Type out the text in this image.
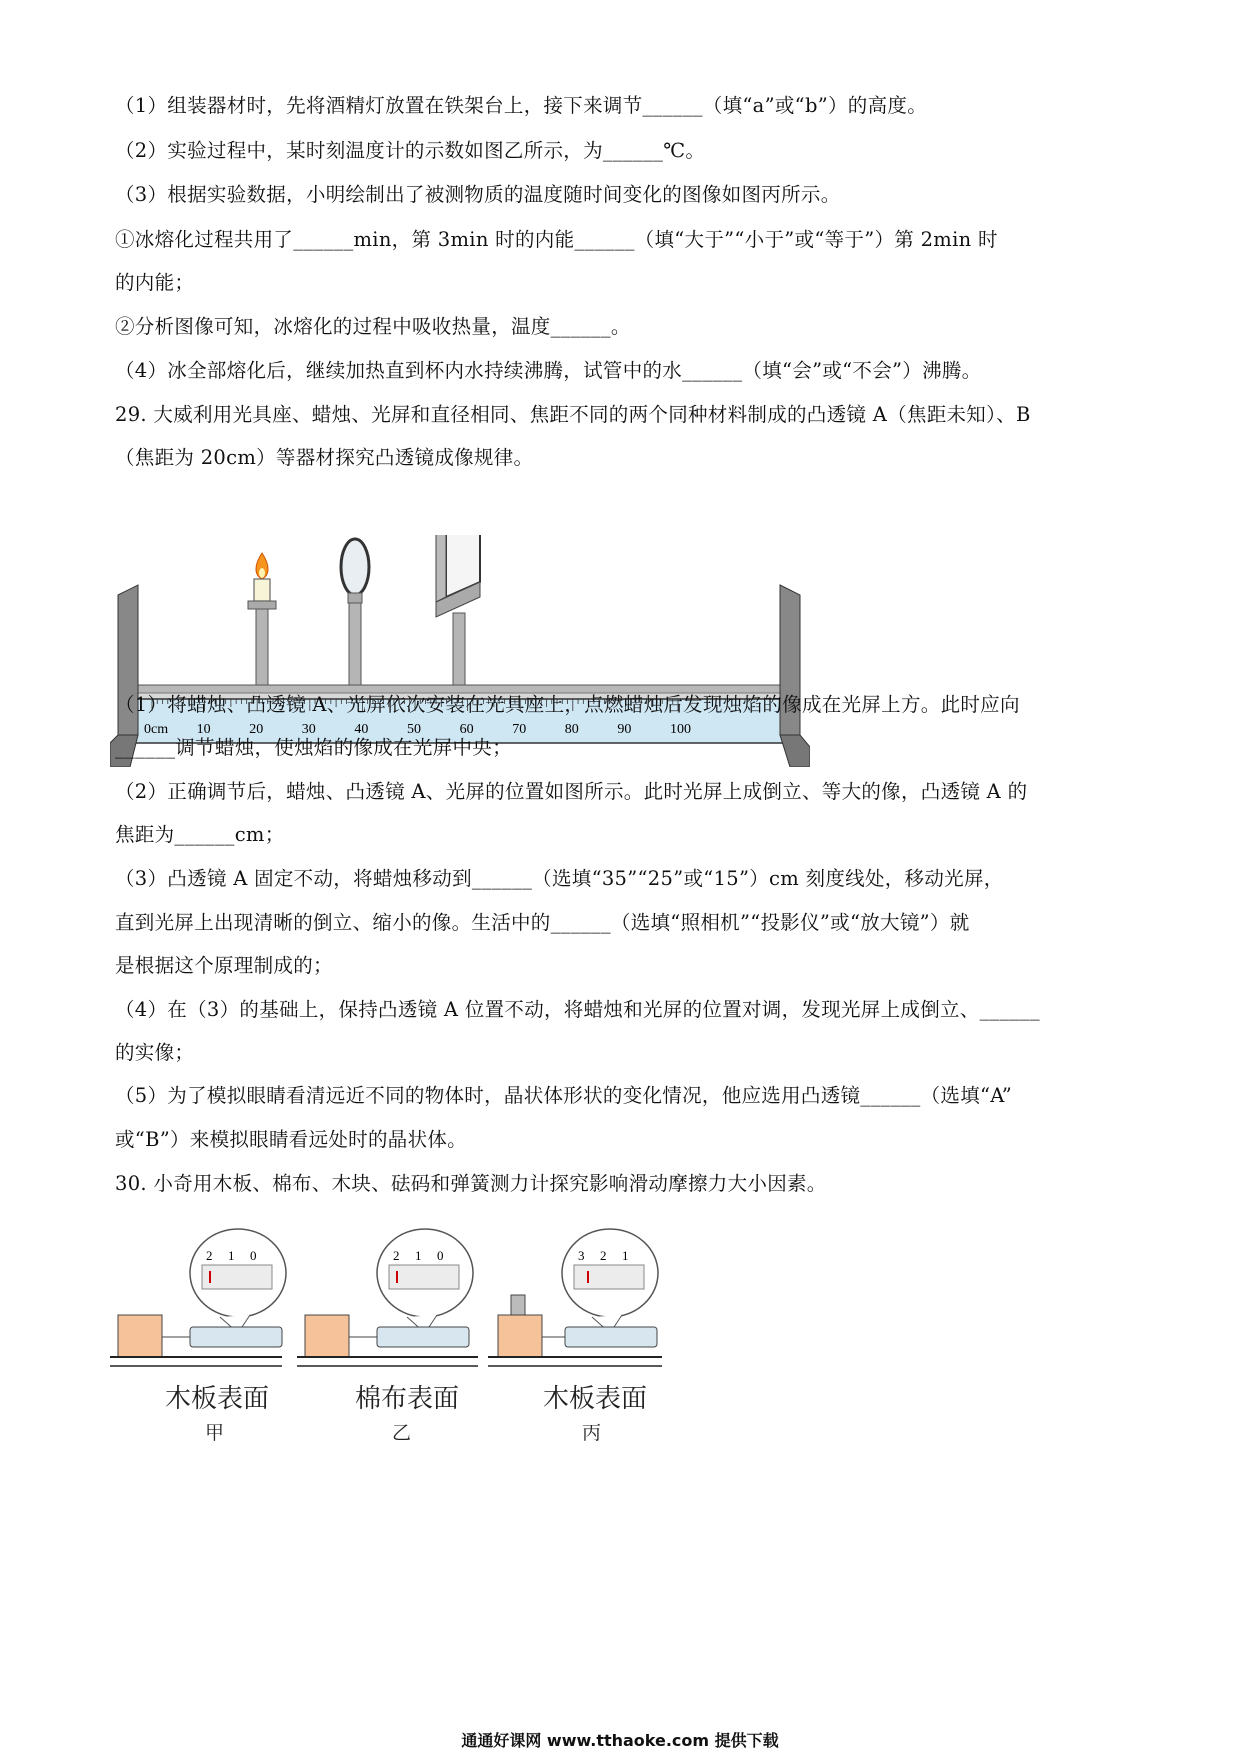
（1）组装器材时，先将酒精灯放置在铁架台上，接下来调节______（填“a”或“b”）的高度。
（2）实验过程中，某时刻温度计的示数如图乙所示，为______℃。
（3）根据实验数据，小明绘制出了被测物质的温度随时间变化的图像如图丙所示。
①冰熔化过程共用了______min，第 3min 时的内能______（填“大于”“小于”或“等于”）第 2min 时
的内能；
②分析图像可知，冰熔化的过程中吸收热量，温度______。
（4）冰全部熔化后，继续加热直到杯内水持续沸腾，试管中的水______（填“会”或“不会”）沸腾。
29. 大威利用光具座、蜡烛、光屏和直径相同、焦距不同的两个同种材料制成的凸透镜 A（焦距未知）、B
（焦距为 20cm）等器材探究凸透镜成像规律。
0cm 10	20	30	40	50	60	70	80	90	100
（1）将蜡烛、凸透镜 A、光屏依次安装在光具座上，点燃蜡烛后发现烛焰的像成在光屏上方。此时应向
______调节蜡烛，使烛焰的像成在光屏中央；
（2）正确调节后，蜡烛、凸透镜 A、光屏的位置如图所示。此时光屏上成倒立、等大的像，凸透镜 A 的
焦距为______cm；
（3）凸透镜 A 固定不动，将蜡烛移动到______（选填“35”“25”或“15”）cm 刻度线处，移动光屏，
直到光屏上出现清晰的倒立、缩小的像。生活中的______（选填“照相机”“投影仪”或“放大镜”）就
是根据这个原理制成的；
（4）在（3）的基础上，保持凸透镜 A 位置不动，将蜡烛和光屏的位置对调，发现光屏上成倒立、______
的实像；
（5）为了模拟眼睛看清远近不同的物体时，晶状体形状的变化情况，他应选用凸透镜______（选填“A”
或“B”）来模拟眼睛看远处时的晶状体。
30. 小奇用木板、棉布、木块、砝码和弹簧测力计探究影响滑动摩擦力大小因素。
2 1 0	2 1 0	3 2 1
木板表面	棉布表面	木板表面
甲	乙	丙
通通好课网 www.tthaoke.com 提供下载
